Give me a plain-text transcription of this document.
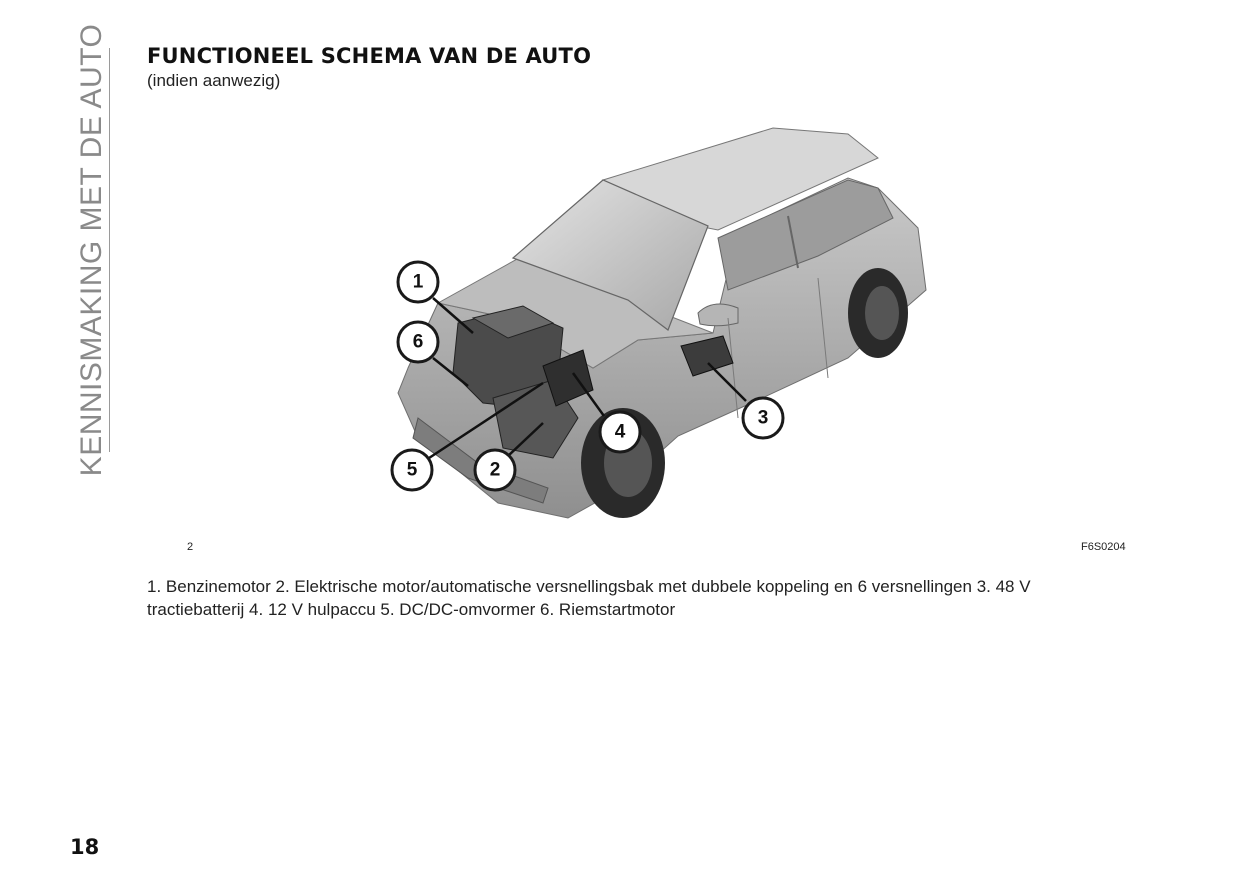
KENNISMAKING MET DE AUTO FUNCTIONEEL SCHEMA VAN DE AUTO
(indien aanwezig)
1
6
5	2
4
3
2	F6S0204

1. Benzinemotor 2. Elektrische motor/automatische versnellingsbak met dubbele koppeling en 6 versnellingen 3. 48 V tractiebatterij 4. 12 V hulpaccu 5. DC/DC-omvormer 6. Riemstartmotor

18
